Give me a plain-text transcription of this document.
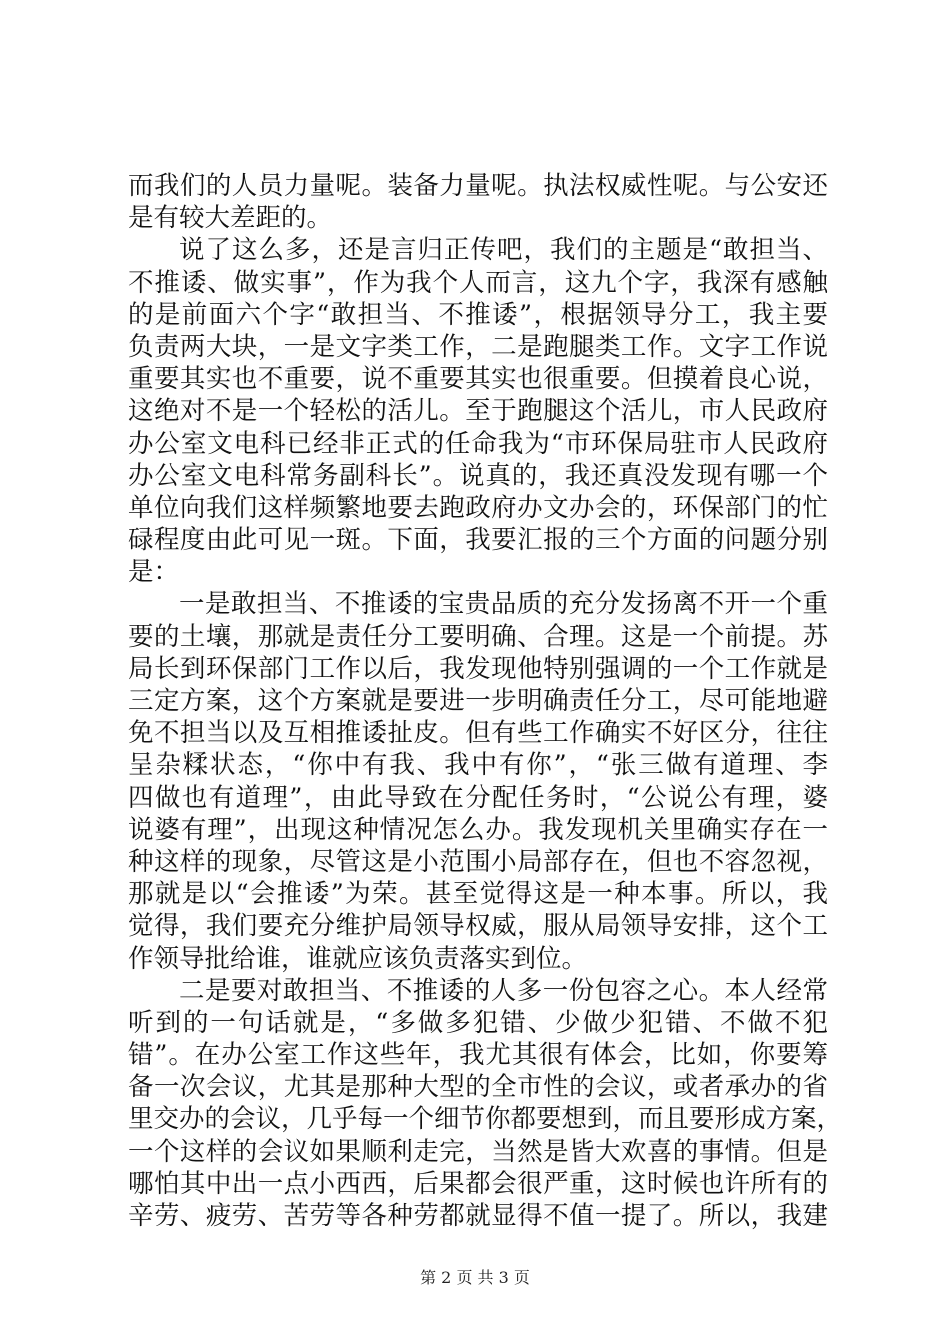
而我们的人员力量呢。装备力量呢。执法权威性呢。与公安还
是有较大差距的。
说了这么多，还是言归正传吧，我们的主题是“敢担当、
不推诿、做实事”，作为我个人而言，这九个字，我深有感触
的是前面六个字“敢担当、不推诿”，根据领导分工，我主要
负责两大块，一是文字类工作，二是跑腿类工作。文字工作说
重要其实也不重要，说不重要其实也很重要。但摸着良心说，
这绝对不是一个轻松的活儿。至于跑腿这个活儿，市人民政府
办公室文电科已经非正式的任命我为“市环保局驻市人民政府
办公室文电科常务副科长”。说真的，我还真没发现有哪一个
单位向我们这样频繁地要去跑政府办文办会的，环保部门的忙
碌程度由此可见一斑。下面，我要汇报的三个方面的问题分别
是：
一是敢担当、不推诿的宝贵品质的充分发扬离不开一个重
要的土壤，那就是责任分工要明确、合理。这是一个前提。苏
局长到环保部门工作以后，我发现他特别强调的一个工作就是
三定方案，这个方案就是要进一步明确责任分工，尽可能地避
免不担当以及互相推诿扯皮。但有些工作确实不好区分，往往
呈杂糅状态，“你中有我、我中有你”，“张三做有道理、李
四做也有道理”，由此导致在分配任务时，“公说公有理，婆
说婆有理”，出现这种情况怎么办。我发现机关里确实存在一
种这样的现象，尽管这是小范围小局部存在，但也不容忽视，
那就是以“会推诿”为荣。甚至觉得这是一种本事。所以，我
觉得，我们要充分维护局领导权威，服从局领导安排，这个工
作领导批给谁，谁就应该负责落实到位。
二是要对敢担当、不推诿的人多一份包容之心。本人经常
听到的一句话就是，“多做多犯错、少做少犯错、不做不犯
错”。在办公室工作这些年，我尤其很有体会，比如，你要筹
备一次会议，尤其是那种大型的全市性的会议，或者承办的省
里交办的会议，几乎每一个细节你都要想到，而且要形成方案，
一个这样的会议如果顺利走完，当然是皆大欢喜的事情。但是
哪怕其中出一点小西西，后果都会很严重，这时候也许所有的
辛劳、疲劳、苦劳等各种劳都就显得不值一提了。所以，我建
第 2 页 共 3 页
